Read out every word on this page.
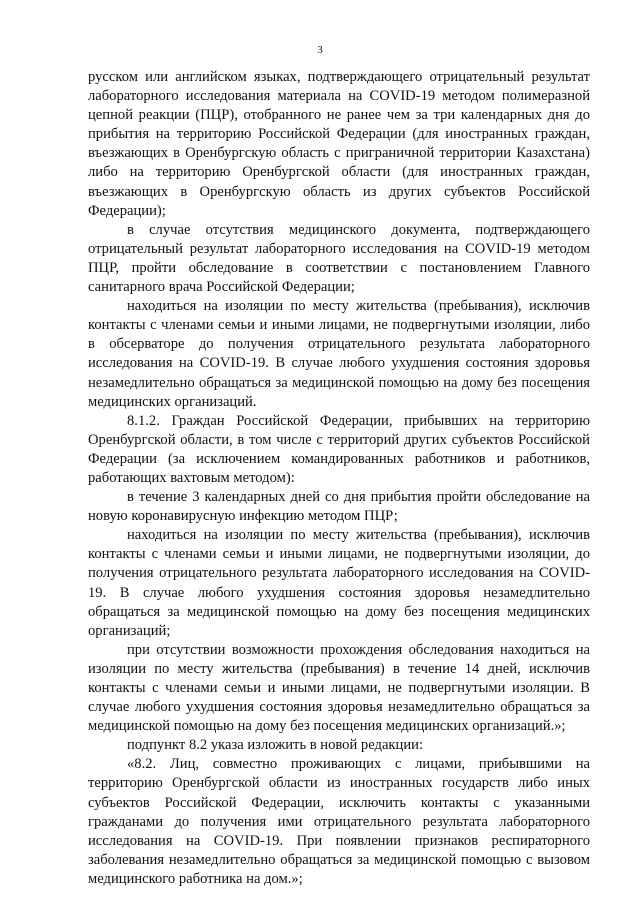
3

русском или английском языках, подтверждающего отрицательный результат лабораторного исследования материала на COVID-19 методом полимеразной цепной реакции (ПЦР), отобранного не ранее чем за три календарных дня до прибытия на территорию Российской Федерации (для иностранных граждан, въезжающих в Оренбургскую область с приграничной территории Казахстана) либо на территорию Оренбургской области (для иностранных граждан, въезжающих в Оренбургскую область из других субъектов Российской Федерации);

в случае отсутствия медицинского документа, подтверждающего отрицательный результат лабораторного исследования на COVID-19 методом ПЦР, пройти обследование в соответствии с постановлением Главного санитарного врача Российской Федерации;

находиться на изоляции по месту жительства (пребывания), исключив контакты с членами семьи и иными лицами, не подвергнутыми изоляции, либо в обсерваторе до получения отрицательного результата лабораторного исследования на COVID-19. В случае любого ухудшения состояния здоровья незамедлительно обращаться за медицинской помощью на дому без посещения медицинских организаций.

8.1.2. Граждан Российской Федерации, прибывших на территорию Оренбургской области, в том числе с территорий других субъектов Российской Федерации (за исключением командированных работников и работников, работающих вахтовым методом):

в течение 3 календарных дней со дня прибытия пройти обследование на новую коронавирусную инфекцию методом ПЦР;

находиться на изоляции по месту жительства (пребывания), исключив контакты с членами семьи и иными лицами, не подвергнутыми изоляции, до получения отрицательного результата лабораторного исследования на COVID-19. В случае любого ухудшения состояния здоровья незамедлительно обращаться за медицинской помощью на дому без посещения медицинских организаций;

при отсутствии возможности прохождения обследования находиться на изоляции по месту жительства (пребывания) в течение 14 дней, исключив контакты с членами семьи и иными лицами, не подвергнутыми изоляции. В случае любого ухудшения состояния здоровья незамедлительно обращаться за медицинской помощью на дому без посещения медицинских организаций.»;

подпункт 8.2 указа изложить в новой редакции:

«8.2. Лиц, совместно проживающих с лицами, прибывшими на территорию Оренбургской области из иностранных государств либо иных субъектов Российской Федерации, исключить контакты с указанными гражданами до получения ими отрицательного результата лабораторного исследования на COVID-19. При появлении признаков респираторного заболевания незамедлительно обращаться за медицинской помощью с вызовом медицинского работника на дом.»;
